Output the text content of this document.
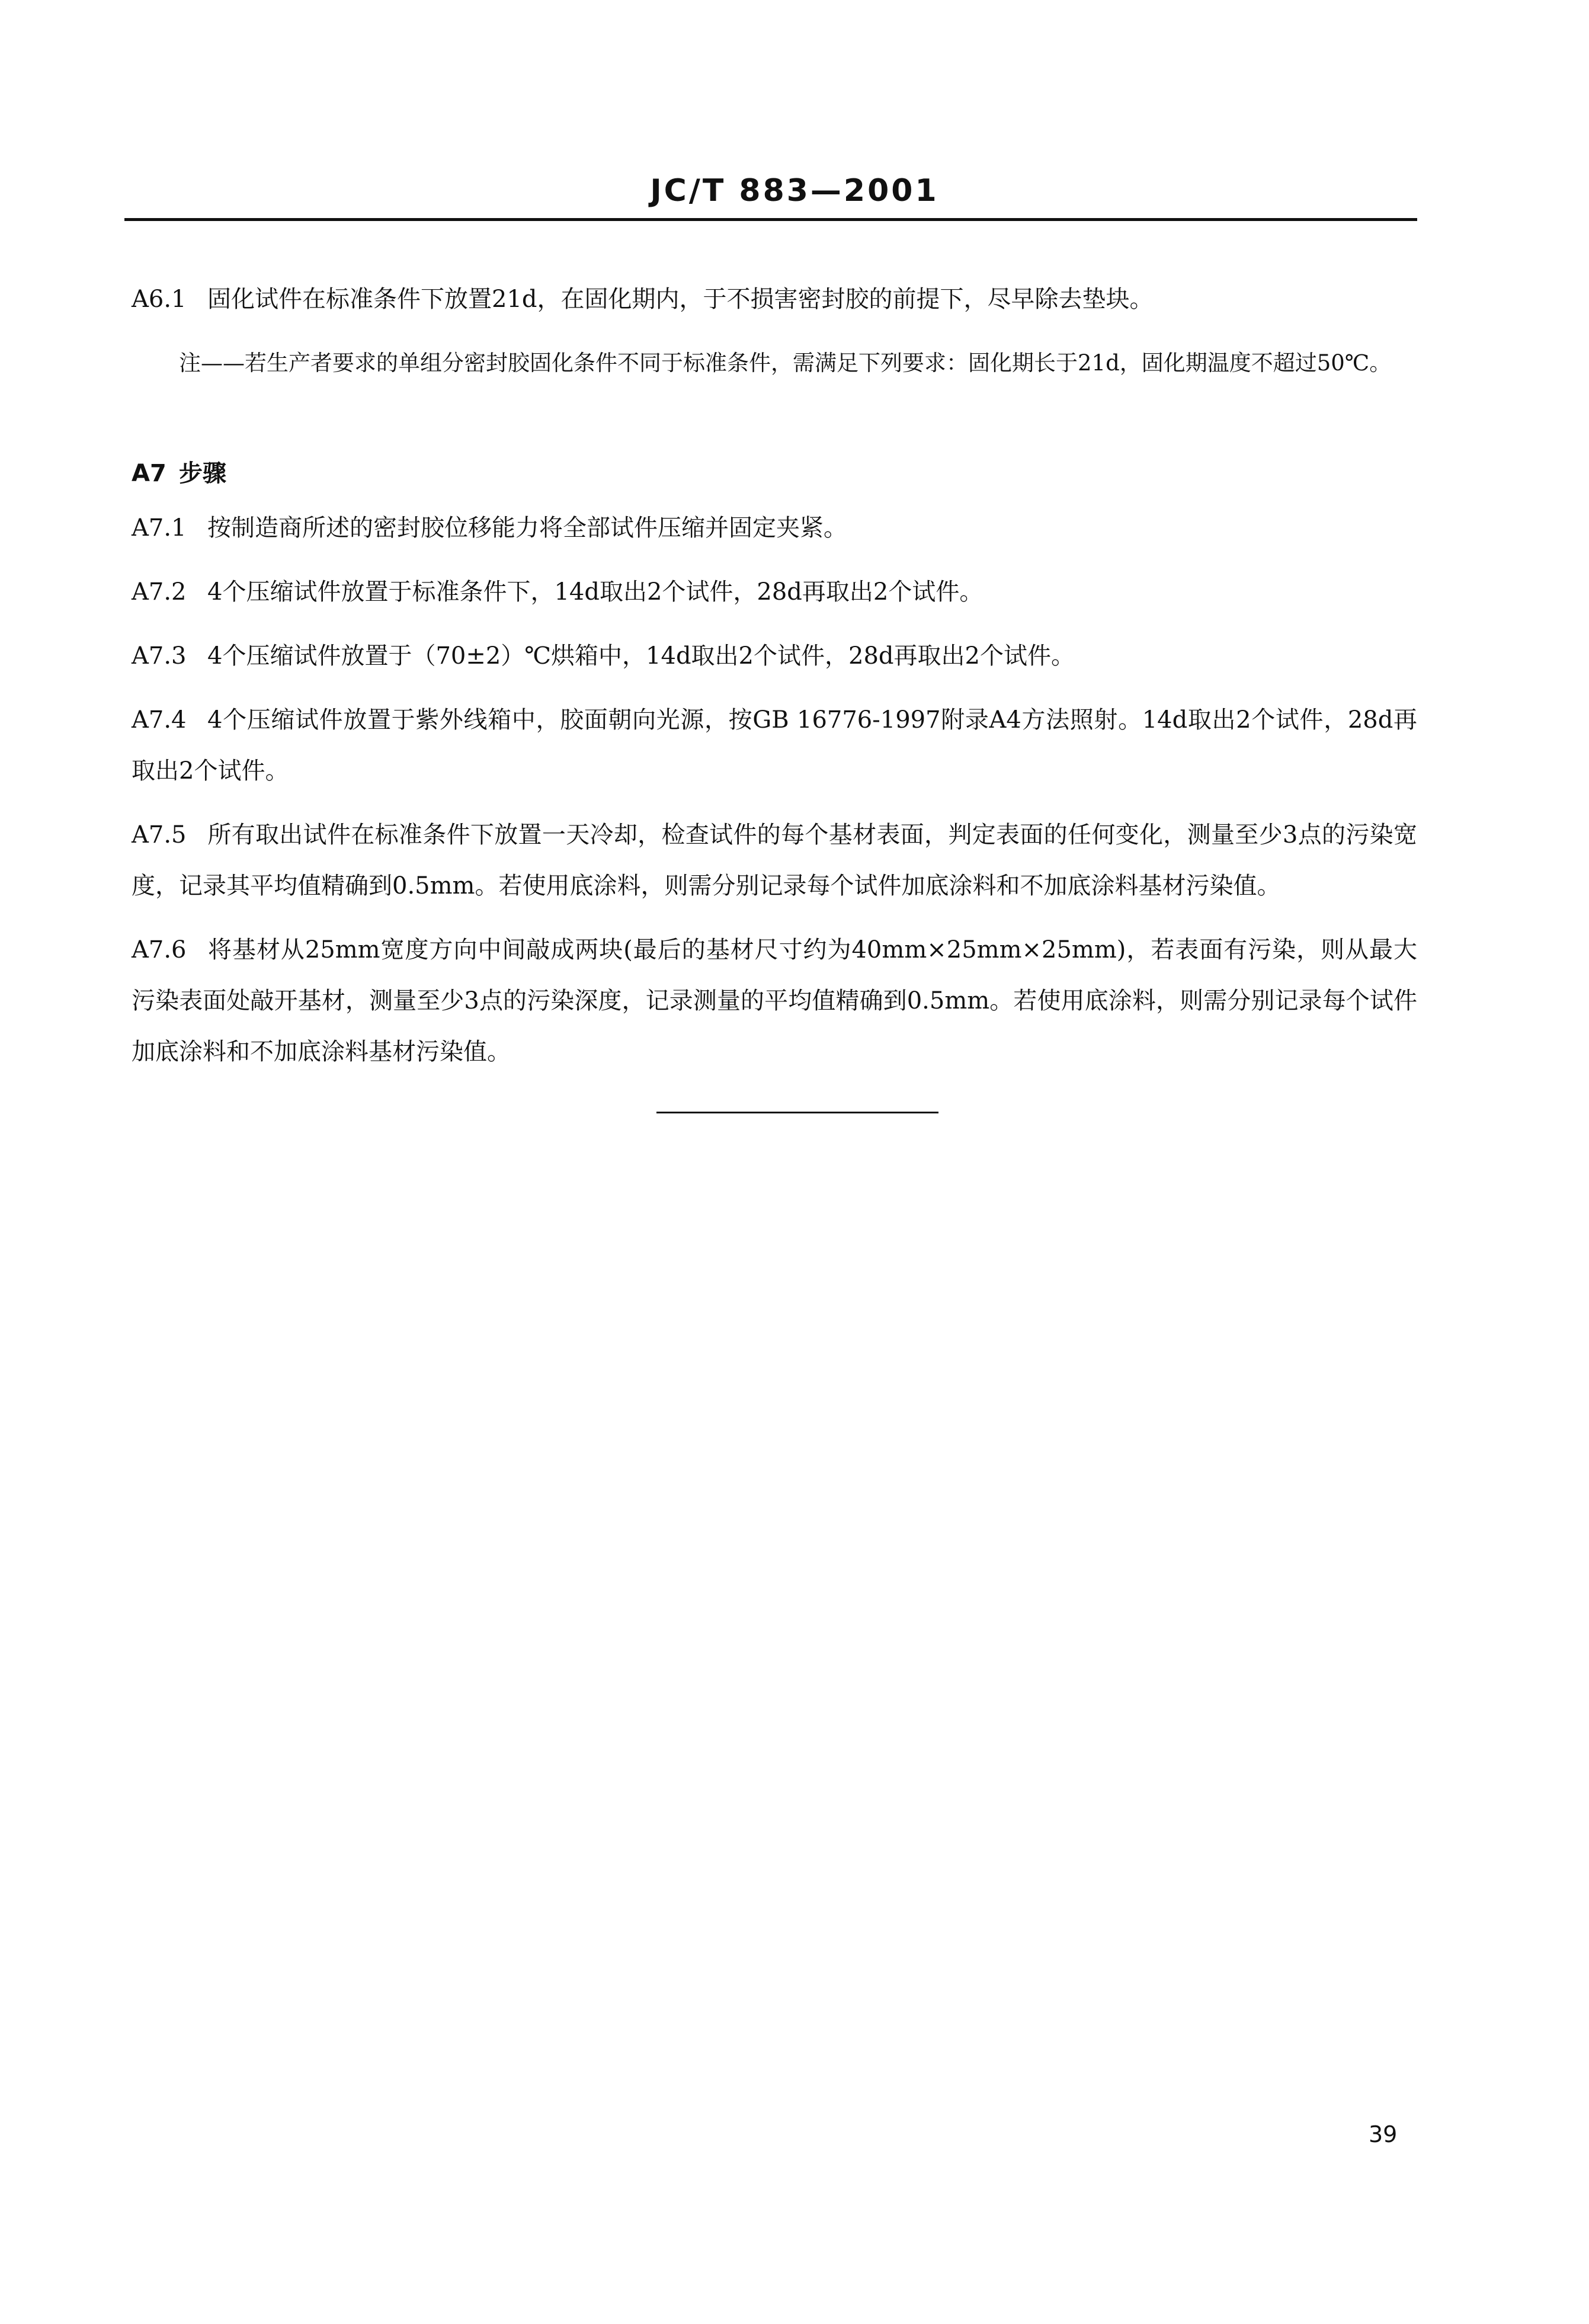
JC/T 883—2001

A6.1 固化试件在标准条件下放置21d，在固化期内，于不损害密封胶的前提下，尽早除去垫块。

注——若生产者要求的单组分密封胶固化条件不同于标准条件，需满足下列要求：固化期长于21d，固化期温度不超过50℃。

A7 步骤

A7.1 按制造商所述的密封胶位移能力将全部试件压缩并固定夹紧。

A7.2 4个压缩试件放置于标准条件下，14d取出2个试件，28d再取出2个试件。

A7.3 4个压缩试件放置于（70±2）℃烘箱中，14d取出2个试件，28d再取出2个试件。

A7.4 4个压缩试件放置于紫外线箱中，胶面朝向光源，按GB 16776-1997附录A4方法照射。14d取出2个试件，28d再取出2个试件。

A7.5 所有取出试件在标准条件下放置一天冷却，检查试件的每个基材表面，判定表面的任何变化，测量至少3点的污染宽度，记录其平均值精确到0.5mm。若使用底涂料，则需分别记录每个试件加底涂料和不加底涂料基材污染值。

A7.6 将基材从25mm宽度方向中间敲成两块(最后的基材尺寸约为40mm×25mm×25mm)，若表面有污染，则从最大污染表面处敲开基材，测量至少3点的污染深度，记录测量的平均值精确到0.5mm。若使用底涂料，则需分别记录每个试件加底涂料和不加底涂料基材污染值。

39
